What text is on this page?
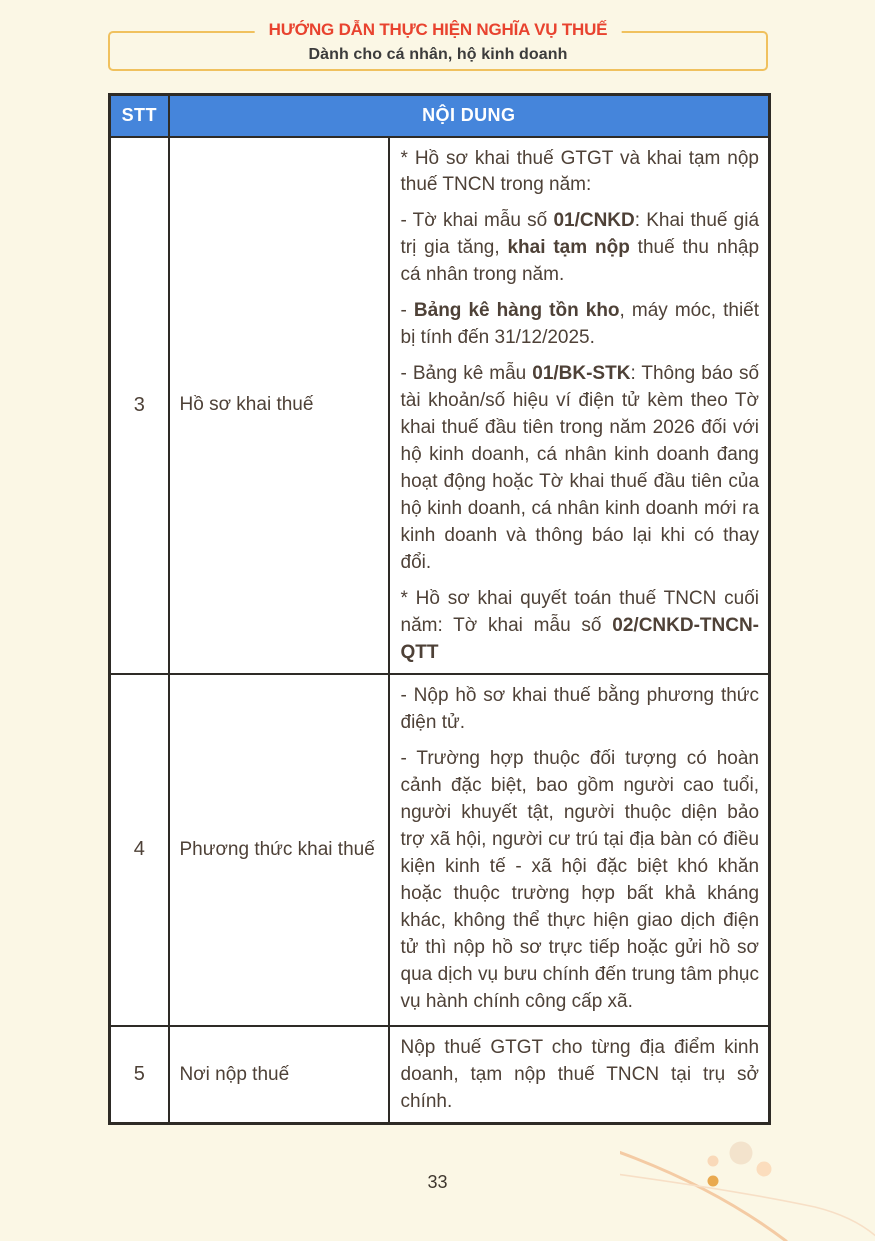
HƯỚNG DẪN THỰC HIỆN NGHĨA VỤ THUẾ
Dành cho cá nhân, hộ kinh doanh
STT	NỘI DUNG	
3	Hồ sơ khai thuế	* Hồ sơ khai thuế GTGT và khai tạm nộp thuế TNCN trong năm:

- Tờ khai mẫu số 01/CNKD: Khai thuế giá trị gia tăng, khai tạm nộp thuế thu nhập cá nhân trong năm.

- Bảng kê hàng tồn kho, máy móc, thiết bị tính đến 31/12/2025.

- Bảng kê mẫu 01/BK-STK: Thông báo số tài khoản/số hiệu ví điện tử kèm theo Tờ khai thuế đầu tiên trong năm 2026 đối với hộ kinh doanh, cá nhân kinh doanh đang hoạt động hoặc Tờ khai thuế đầu tiên của hộ kinh doanh, cá nhân kinh doanh mới ra kinh doanh và thông báo lại khi có thay đổi.

* Hồ sơ khai quyết toán thuế TNCN cuối năm: Tờ khai mẫu số 02/CNKD-TNCN-QTT

4	Phương thức khai thuế	- Nộp hồ sơ khai thuế bằng phương thức điện tử.

- Trường hợp thuộc đối tượng có hoàn cảnh đặc biệt, bao gồm người cao tuổi, người khuyết tật, người thuộc diện bảo trợ xã hội, người cư trú tại địa bàn có điều kiện kinh tế - xã hội đặc biệt khó khăn hoặc thuộc trường hợp bất khả kháng khác, không thể thực hiện giao dịch điện tử thì nộp hồ sơ trực tiếp hoặc gửi hồ sơ qua dịch vụ bưu chính đến trung tâm phục vụ hành chính công cấp xã.

5	Nơi nộp thuế	Nộp thuế GTGT cho từng địa điểm kinh doanh, tạm nộp thuế TNCN tại trụ sở chính.

33
